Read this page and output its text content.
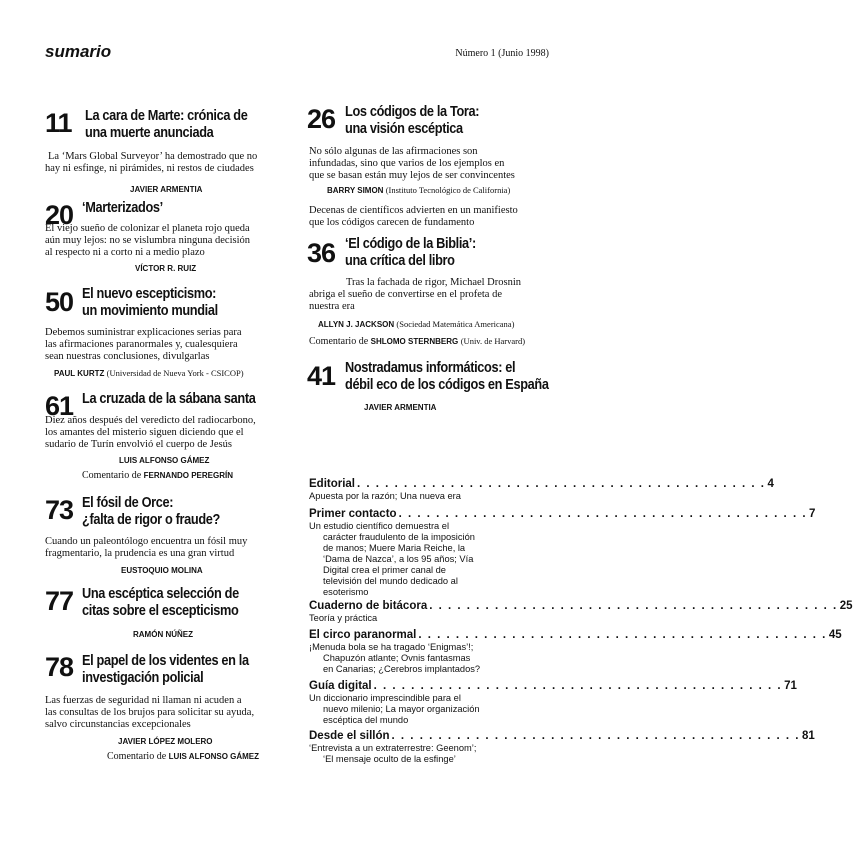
sumario	Número 1 (Junio 1998)
11 La cara de Marte: crónica de
una muerte anunciada
La ‘Mars Global Surveyor’ ha demostrado que no
hay ni esfinge, ni pirámides, ni restos de ciudades
JAVIER ARMENTIA
20 ‘Marterizados’
El viejo sueño de colonizar el planeta rojo queda
aún muy lejos: no se vislumbra ninguna decisión
al respecto ni a corto ni a medio plazo
VÍCTOR R. RUIZ
50 El nuevo escepticismo:
un movimiento mundial
Debemos suministrar explicaciones serias para
las afirmaciones paranormales y, cualesquiera
sean nuestras conclusiones, divulgarlas
PAUL KURTZ (Universidad de Nueva York - CSICOP)
61 La cruzada de la sábana santa
Diez años después del veredicto del radiocarbono,
los amantes del misterio siguen diciendo que el
sudario de Turín envolvió el cuerpo de Jesús
LUIS ALFONSO GÁMEZ
Comentario de FERNANDO PEREGRÍN
73 El fósil de Orce:
¿falta de rigor o fraude?
Cuando un paleontólogo encuentra un fósil muy
fragmentario, la prudencia es una gran virtud
EUSTOQUIO MOLINA
77 Una escéptica selección de
citas sobre el escepticismo
RAMÓN NÚÑEZ
78 El papel de los videntes en la
investigación policial
Las fuerzas de seguridad ni llaman ni acuden a
las consultas de los brujos para solicitar su ayuda,
salvo circunstancias excepcionales
JAVIER LÓPEZ MOLERO
Comentario de LUIS ALFONSO GÁMEZ
26 Los códigos de la Tora:
una visión escéptica
No sólo algunas de las afirmaciones son
infundadas, sino que varios de los ejemplos en
que se basan están muy lejos de ser convincentes
BARRY SIMON (Instituto Tecnológico de California)
Decenas de científicos advierten en un manifiesto
que los códigos carecen de fundamento
36 ‘El código de la Biblia’:
una crítica del libro
Tras la fachada de rigor, Michael Drosnin
abriga el sueño de convertirse en el profeta de
nuestra era
ALLYN J. JACKSON (Sociedad Matemática Americana)
Comentario de SHLOMO STERNBERG (Univ. de Harvard)
41 Nostradamus informáticos: el
débil eco de los códigos en España
JAVIER ARMENTIA
Editorial . . . . . . . . . . . . . . . . . . . . . . . . . . . . . . . . . . . . . . . . . . . . 4
Apuesta por la razón; Una nueva era
Primer contacto . . . . . . . . . . . . . . . . . . . . . . . . . . . . . . . . . . . . . . . . . . . . 7
Un estudio científico demuestra el
carácter fraudulento de la imposición
de manos; Muere Maria Reiche, la
‘Dama de Nazca’, a los 95 años; Vía
Digital crea el primer canal de
televisión del mundo dedicado al
esoterismo
Cuaderno de bitácora . . . . . . . . . . . . . . . . . . . . . . . . . . . . . . . . . . . . . . . . . . . . 25
Teoría y práctica
El circo paranormal . . . . . . . . . . . . . . . . . . . . . . . . . . . . . . . . . . . . . . . . . . . . 45
¡Menuda bola se ha tragado ‘Enigmas’!;
Chapuzón atlante; Ovnis fantasmas
en Canarias; ¿Cerebros implantados?
Guía digital . . . . . . . . . . . . . . . . . . . . . . . . . . . . . . . . . . . . . . . . . . . . 71
Un diccionario imprescindible para el
nuevo milenio; La mayor organización
escéptica del mundo
Desde el sillón . . . . . . . . . . . . . . . . . . . . . . . . . . . . . . . . . . . . . . . . . . . . 81
‘Entrevista a un extraterrestre: Geenom’;
‘El mensaje oculto de la esfinge’
